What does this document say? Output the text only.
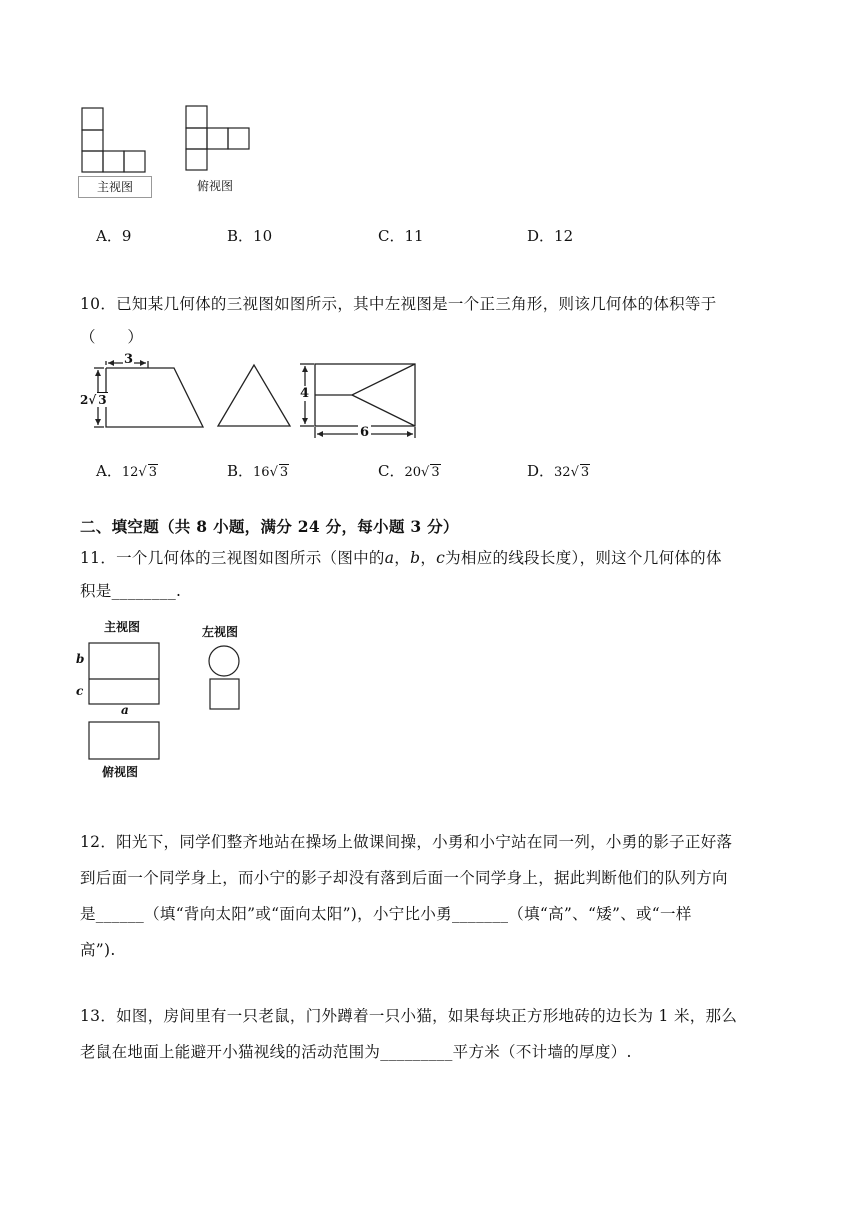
主视图	俯视图
A．9	B．10	C．11	D．12
10．已知某几何体的三视图如图所示，其中左视图是一个正三角形，则该几何体的体积等于
（　　）
3
2√ 3	4
6
A．12√ 3	B．16√ 3	C．20√ 3	D．32√ 3
二、填空题（共 8 小题，满分 24 分，每小题 3 分）
11．一个几何体的三视图如图所示（图中的a，b，c为相应的线段长度），则这个几何体的体
积是________.
主视图	左视图
b
c
a
俯视图
12．阳光下，同学们整齐地站在操场上做课间操，小勇和小宁站在同一列，小勇的影子正好落
到后面一个同学身上，而小宁的影子却没有落到后面一个同学身上，据此判断他们的队列方向
是______（填“背向太阳”或“面向太阳”)，小宁比小勇_______（填“高”、“矮”、或“一样
高”).
13．如图，房间里有一只老鼠，门外蹲着一只小猫，如果每块正方形地砖的边长为 1 米，那么
老鼠在地面上能避开小猫视线的活动范围为_________平方米（不计墙的厚度）.
